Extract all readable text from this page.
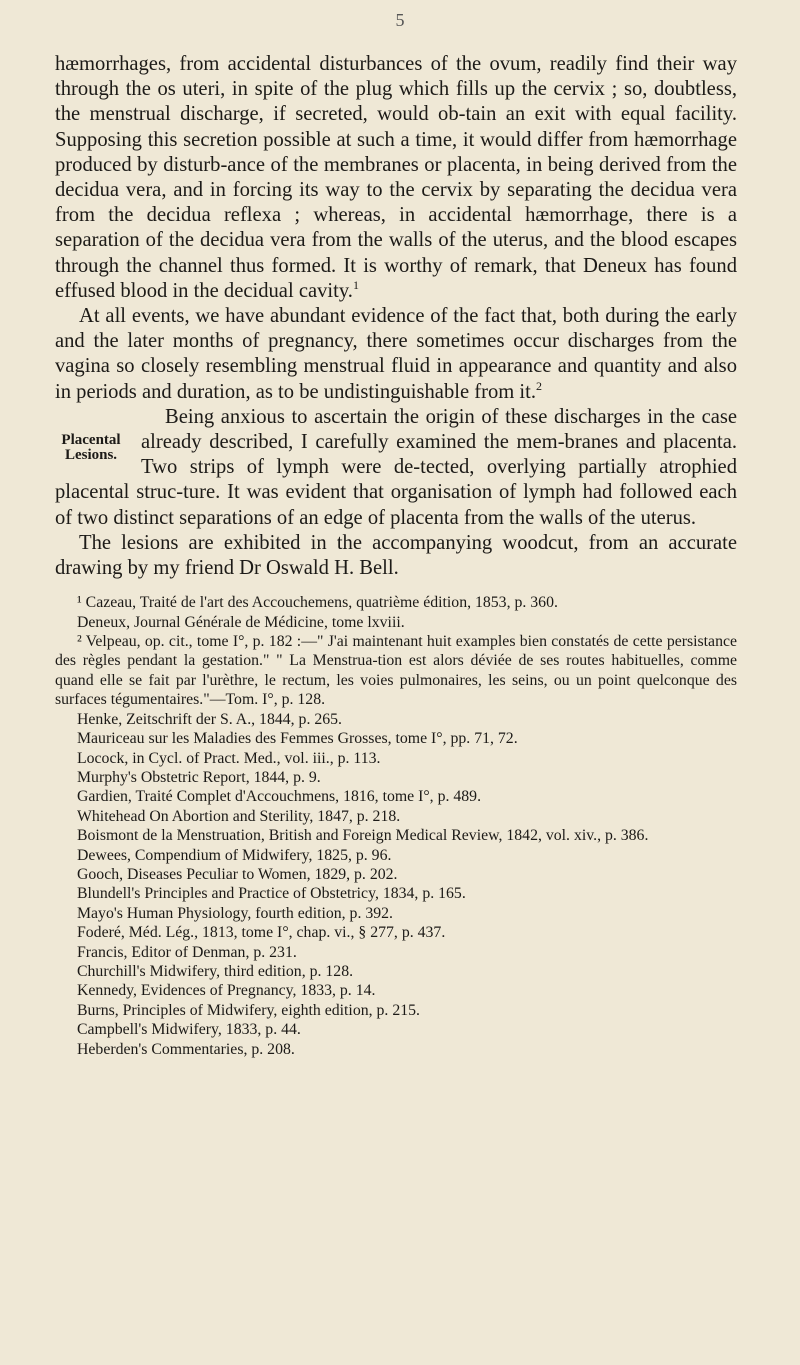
5

hæmorrhages, from accidental disturbances of the ovum, readily find their way through the os uteri, in spite of the plug which fills up the cervix ; so, doubtless, the menstrual discharge, if secreted, would ob-tain an exit with equal facility. Supposing this secretion possible at such a time, it would differ from hæmorrhage produced by disturb-ance of the membranes or placenta, in being derived from the decidua vera, and in forcing its way to the cervix by separating the decidua vera from the decidua reflexa ; whereas, in accidental hæmorrhage, there is a separation of the decidua vera from the walls of the uterus, and the blood escapes through the channel thus formed. It is worthy of remark, that Deneux has found effused blood in the decidual cavity.$^1$

At all events, we have abundant evidence of the fact that, both during the early and the later months of pregnancy, there sometimes occur discharges from the vagina so closely resembling menstrual fluid in appearance and quantity and also in periods and duration, as to be undistinguishable from it.$^2$

Placental Lesions.

Being anxious to ascertain the origin of these discharges in the case already described, I carefully examined the mem-branes and placenta. Two strips of lymph were de-tected, overlying partially atrophied placental struc-ture. It was evident that organisation of lymph had followed each of two distinct separations of an edge of placenta from the walls of the uterus.

The lesions are exhibited in the accompanying woodcut, from an accurate drawing by my friend Dr Oswald H. Bell.

¹ Cazeau, Traité de l'art des Accouchemens, quatrième édition, 1853, p. 360.

Deneux, Journal Générale de Médicine, tome lxviii.

² Velpeau, op. cit., tome I°, p. 182 :—" J'ai maintenant huit examples bien constatés de cette persistance des règles pendant la gestation." " La Menstrua-tion est alors déviée de ses routes habituelles, comme quand elle se fait par l'urèthre, le rectum, les voies pulmonaires, les seins, ou un point quelconque des surfaces tégumentaires."—Tom. I°, p. 128.

Henke, Zeitschrift der S. A., 1844, p. 265.

Mauriceau sur les Maladies des Femmes Grosses, tome I°, pp. 71, 72.

Locock, in Cycl. of Pract. Med., vol. iii., p. 113.

Murphy's Obstetric Report, 1844, p. 9.

Gardien, Traité Complet d'Accouchmens, 1816, tome I°, p. 489.

Whitehead On Abortion and Sterility, 1847, p. 218.

Boismont de la Menstruation, British and Foreign Medical Review, 1842, vol. xiv., p. 386.

Dewees, Compendium of Midwifery, 1825, p. 96.

Gooch, Diseases Peculiar to Women, 1829, p. 202.

Blundell's Principles and Practice of Obstetricy, 1834, p. 165.

Mayo's Human Physiology, fourth edition, p. 392.

Foderé, Méd. Lég., 1813, tome I°, chap. vi., § 277, p. 437.

Francis, Editor of Denman, p. 231.

Churchill's Midwifery, third edition, p. 128.

Kennedy, Evidences of Pregnancy, 1833, p. 14.

Burns, Principles of Midwifery, eighth edition, p. 215.

Campbell's Midwifery, 1833, p. 44.

Heberden's Commentaries, p. 208.
